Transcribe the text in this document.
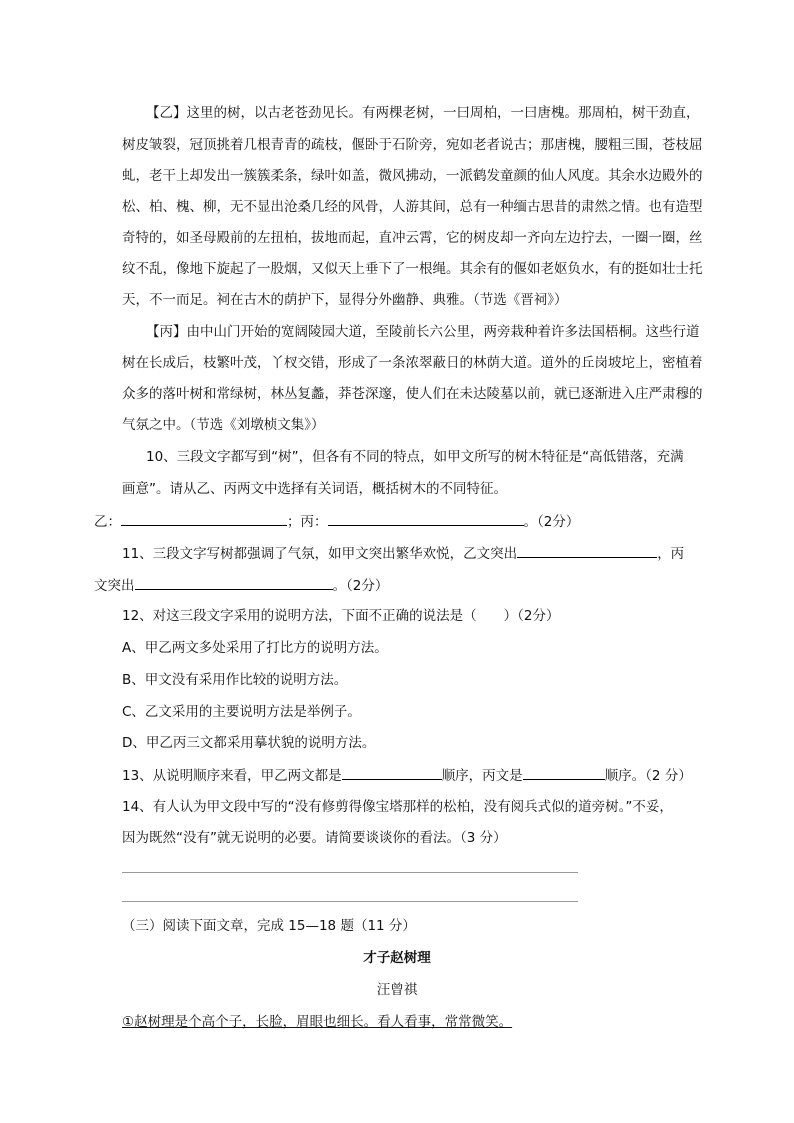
【乙】这里的树，以古老苍劲见长。有两棵老树，一曰周柏，一曰唐槐。那周柏，树干劲直，
树皮皱裂，冠顶挑着几根青青的疏枝，偃卧于石阶旁，宛如老者说古；那唐槐，腰粗三围，苍枝屈
虬，老干上却发出一簇簇柔条，绿叶如盖，微风拂动，一派鹤发童颜的仙人风度。其余水边殿外的
松、柏、槐、柳，无不显出沧桑几经的风骨，人游其间，总有一种缅古思昔的肃然之情。也有造型
奇特的，如圣母殿前的左扭柏，拔地而起，直冲云霄，它的树皮却一齐向左边拧去，一圈一圈，丝
纹不乱，像地下旋起了一股烟，又似天上垂下了一根绳。其余有的偃如老妪负水，有的挺如壮士托
天，不一而足。祠在古木的荫护下，显得分外幽静、典雅。（节选《晋祠》）
【丙】由中山门开始的宽阔陵园大道，至陵前长六公里，两旁栽种着许多法国梧桐。这些行道
树在长成后，枝繁叶茂，丫杈交错，形成了一条浓翠蔽日的林荫大道。道外的丘岗坡坨上，密植着
众多的落叶树和常绿树，林丛复蠡，莽苍深邃，使人们在未达陵墓以前，就已逐渐进入庄严肃穆的
气氛之中。（节选《刘墩桢文集》）
10、三段文字都写到“树”，但各有不同的特点，如甲文所写的树木特征是“高低错落，充满
画意”。请从乙、丙两文中选择有关词语，概括树木的不同特征。
乙：	；丙：	。（2分）
11、三段文字写树都强调了气氛，如甲文突出繁华欢悦，乙文突出	，丙
文突出	。（2分）
12、对这三段文字采用的说明方法，下面不正确的说法是（　　）（2分）
A、甲乙两文多处采用了打比方的说明方法。
B、甲文没有采用作比较的说明方法。
C、乙文采用的主要说明方法是举例子。
D、甲乙丙三文都采用摹状貌的说明方法。
13、从说明顺序来看，甲乙两文都是	顺序，丙文是	顺序。（2 分）
14、有人认为甲文段中写的“没有修剪得像宝塔那样的松柏，没有阅兵式似的道旁树。”不妥，
因为既然“没有”就无说明的必要。请简要谈谈你的看法。（3 分）
（三）阅读下面文章，完成 15—18 题（11 分）
才子赵树理
汪曾祺
①赵树理是个高个子，长脸，眉眼也细长。看人看事，常常微笑。
